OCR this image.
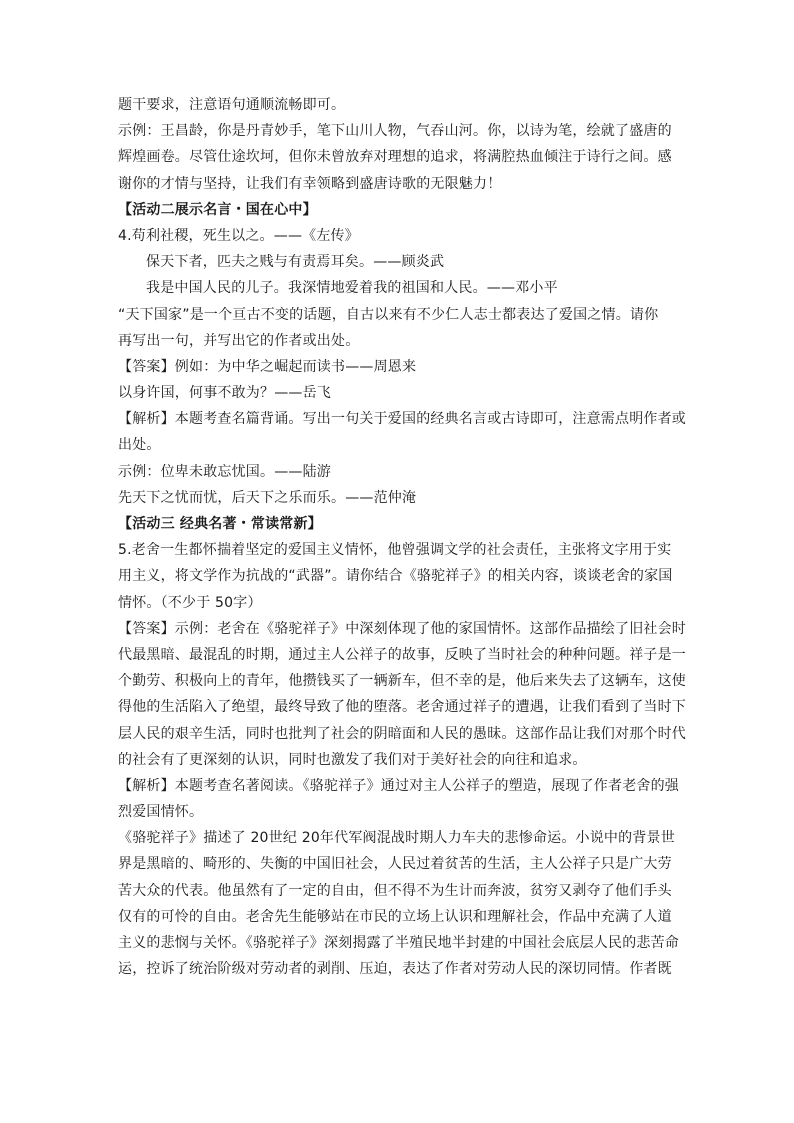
题干要求，注意语句通顺流畅即可。
示例：王昌龄，你是丹青妙手，笔下山川人物，气吞山河。你，以诗为笔，绘就了盛唐的
辉煌画卷。尽管仕途坎坷，但你未曾放弃对理想的追求，将满腔热血倾注于诗行之间。感
谢你的才情与坚持，让我们有幸领略到盛唐诗歌的无限魅力！
【活动二展示名言・国在心中】
4.苟利社稷，死生以之。——《左传》
保天下者，匹夫之贱与有责焉耳矣。——顾炎武
我是中国人民的儿子。我深情地爱着我的祖国和人民。——邓小平
“天下国家”是一个亘古不变的话题，自古以来有不少仁人志士都表达了爱国之情。请你
再写出一句，并写出它的作者或出处。
【答案】例如：为中华之崛起而读书——周恩来
以身许国，何事不敢为？——岳飞
【解析】本题考查名篇背诵。写出一句关于爱国的经典名言或古诗即可，注意需点明作者或
出处。
示例：位卑未敢忘忧国。——陆游
先天下之忧而忧，后天下之乐而乐。——范仲淹
【活动三 经典名著・常读常新】
5.老舍一生都怀揣着坚定的爱国主义情怀，他曾强调文学的社会责任，主张将文字用于实
用主义，将文学作为抗战的“武器”。请你结合《骆驼祥子》的相关内容，谈谈老舍的家国
情怀。（不少于 50字）
【答案】示例：老舍在《骆驼祥子》中深刻体现了他的家国情怀。这部作品描绘了旧社会时
代最黑暗、最混乱的时期，通过主人公祥子的故事，反映了当时社会的种种问题。祥子是一
个勤劳、积极向上的青年，他攒钱买了一辆新车，但不幸的是，他后来失去了这辆车，这使
得他的生活陷入了绝望，最终导致了他的堕落。老舍通过祥子的遭遇，让我们看到了当时下
层人民的艰辛生活，同时也批判了社会的阴暗面和人民的愚昧。这部作品让我们对那个时代
的社会有了更深刻的认识，同时也激发了我们对于美好社会的向往和追求。
【解析】本题考查名著阅读。《骆驼祥子》通过对主人公祥子的塑造，展现了作者老舍的强
烈爱国情怀。
《骆驼祥子》描述了 20世纪 20年代军阀混战时期人力车夫的悲惨命运。小说中的背景世
界是黑暗的、畸形的、失衡的中国旧社会，人民过着贫苦的生活，主人公祥子只是广大劳
苦大众的代表。他虽然有了一定的自由，但不得不为生计而奔波，贫穷又剥夺了他们手头
仅有的可怜的自由。老舍先生能够站在市民的立场上认识和理解社会，作品中充满了人道
主义的悲悯与关怀。《骆驼祥子》深刻揭露了半殖民地半封建的中国社会底层人民的悲苦命
运，控诉了统治阶级对劳动者的剥削、压迫，表达了作者对劳动人民的深切同情。作者既
